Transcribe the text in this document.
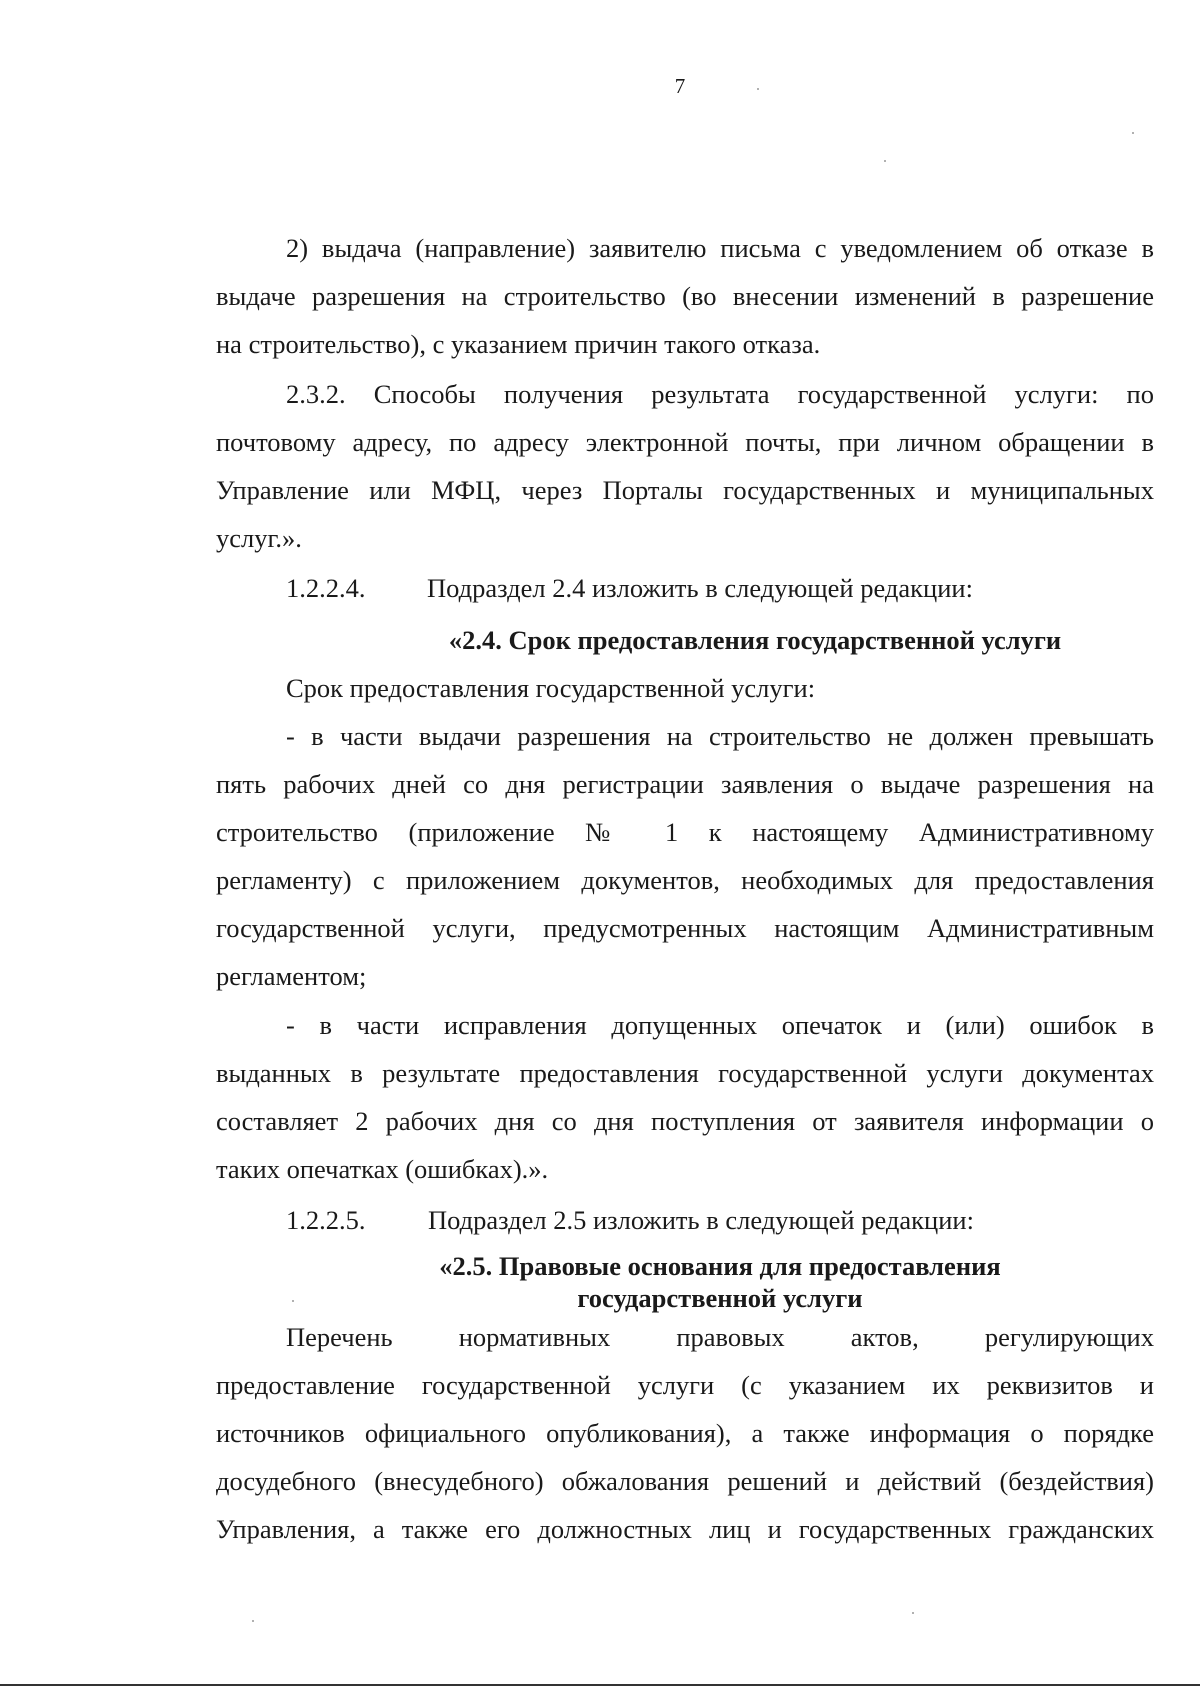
7
2) выдача (направление) заявителю письма с уведомлением об отказе в
выдаче разрешения на строительство (во внесении изменений в разрешение
на строительство), с указанием причин такого отказа.
2.3.2. Способы получения результата государственной услуги: по
почтовому адресу, по адресу электронной почты, при личном обращении в
Управление или МФЦ, через Порталы государственных и муниципальных
услуг.».
1.2.2.4. Подраздел 2.4 изложить в следующей редакции:
«2.4. Срок предоставления государственной услуги
Срок предоставления государственной услуги:
- в части выдачи разрешения на строительство не должен превышать
пять рабочих дней со дня регистрации заявления о выдаче разрешения на
строительство (приложение № 1 к настоящему Административному
регламенту) с приложением документов, необходимых для предоставления
государственной услуги, предусмотренных настоящим Административным
регламентом;
- в части исправления допущенных опечаток и (или) ошибок в
выданных в результате предоставления государственной услуги документах
составляет 2 рабочих дня со дня поступления от заявителя информации о
таких опечатках (ошибках).».
1.2.2.5. Подраздел 2.5 изложить в следующей редакции:
«2.5. Правовые основания для предоставления
государственной услуги
Перечень нормативных правовых актов, регулирующих
предоставление государственной услуги (с указанием их реквизитов и
источников официального опубликования), а также информация о порядке
досудебного (внесудебного) обжалования решений и действий (бездействия)
Управления, а также его должностных лиц и государственных гражданских
